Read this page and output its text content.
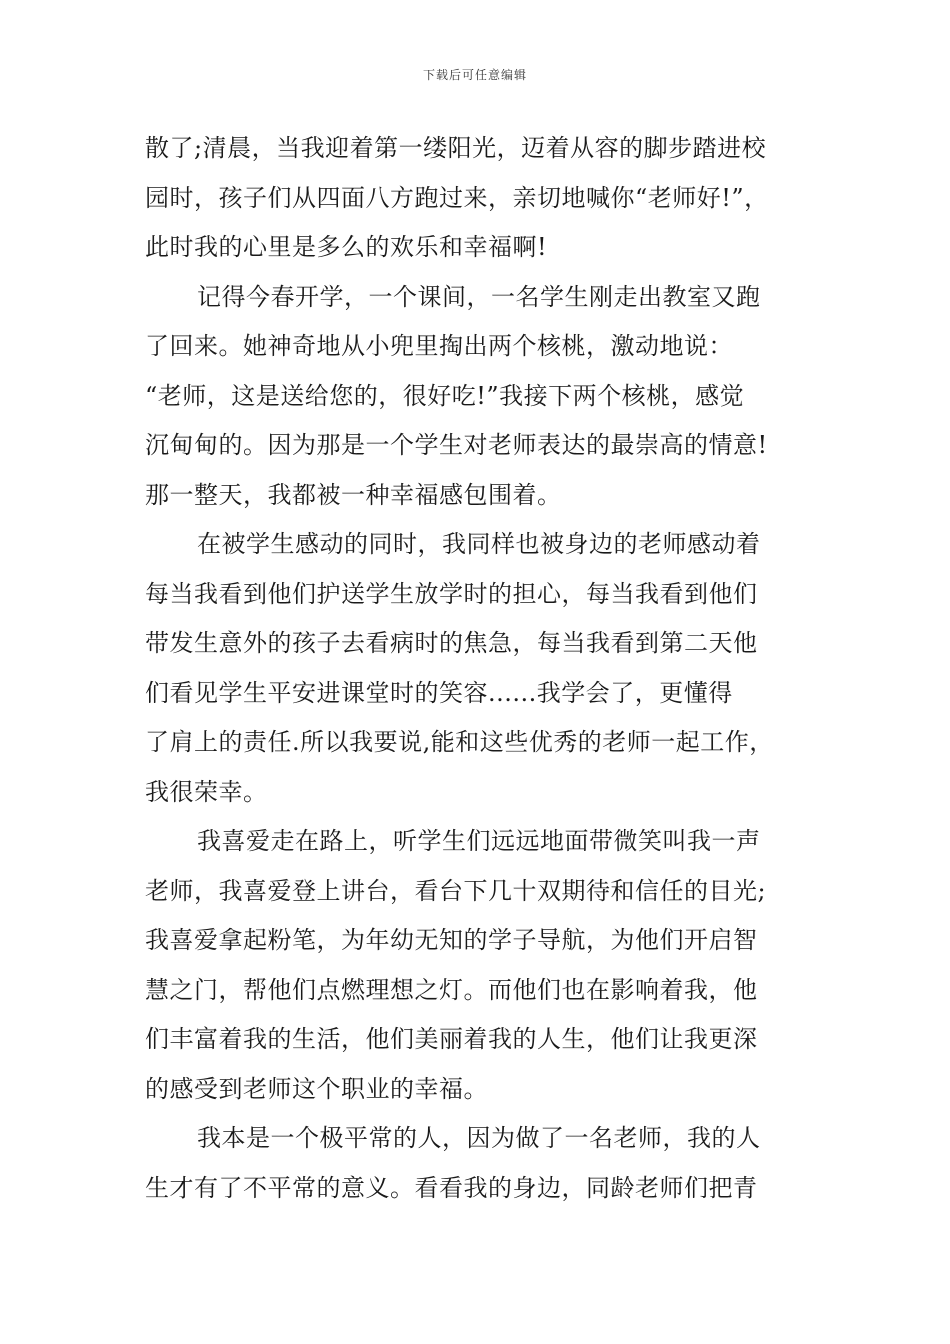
下载后可任意编辑
散了;清晨，当我迎着第一缕阳光，迈着从容的脚步踏进校
园时，孩子们从四面八方跑过来，亲切地喊你“老师好!”，
此时我的心里是多么的欢乐和幸福啊!
记得今春开学，一个课间，一名学生刚走出教室又跑
了回来。她神奇地从小兜里掏出两个核桃，激动地说：
“老师，这是送给您的，很好吃!”我接下两个核桃，感觉
沉甸甸的。因为那是一个学生对老师表达的最崇高的情意!
那一整天，我都被一种幸福感包围着。
在被学生感动的同时，我同样也被身边的老师感动着
每当我看到他们护送学生放学时的担心，每当我看到他们
带发生意外的孩子去看病时的焦急，每当我看到第二天他
们看见学生平安进课堂时的笑容......我学会了，更懂得
了肩上的责任.所以我要说,能和这些优秀的老师一起工作，
我很荣幸。
我喜爱走在路上，听学生们远远地面带微笑叫我一声
老师，我喜爱登上讲台，看台下几十双期待和信任的目光;
我喜爱拿起粉笔，为年幼无知的学子导航，为他们开启智
慧之门，帮他们点燃理想之灯。而他们也在影响着我，他
们丰富着我的生活，他们美丽着我的人生，他们让我更深
的感受到老师这个职业的幸福。
我本是一个极平常的人，因为做了一名老师，我的人
生才有了不平常的意义。看看我的身边，同龄老师们把青
